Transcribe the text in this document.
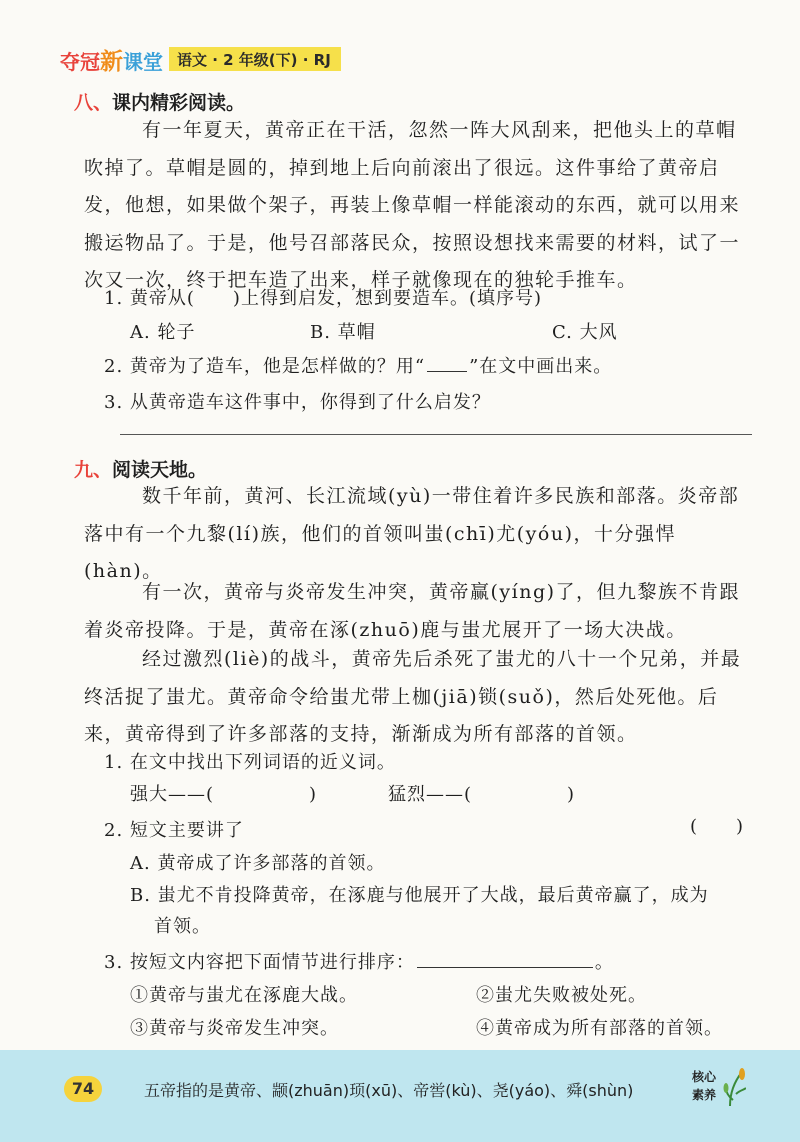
夺冠新课堂 语文 · 2 年级(下) · RJ
八、课内精彩阅读。
有一年夏天，黄帝正在干活，忽然一阵大风刮来，把他头上的草帽吹掉了。草帽是圆的，掉到地上后向前滚出了很远。这件事给了黄帝启发，他想，如果做个架子，再装上像草帽一样能滚动的东西，就可以用来搬运物品了。于是，他号召部落民众，按照设想找来需要的材料，试了一次又一次，终于把车造了出来，样子就像现在的独轮手推车。
1. 黄帝从(　　)上得到启发，想到要造车。(填序号)
A. 轮子	B. 草帽	C. 大风
2. 黄帝为了造车，他是怎样做的？用“ ”在文中画出来。
3. 从黄帝造车这件事中，你得到了什么启发？
九、阅读天地。
数千年前，黄河、长江流域(yù)一带住着许多民族和部落。炎帝部落中有一个九黎(lí)族，他们的首领叫蚩(chī)尤(yóu)，十分强悍(hàn)。
有一次，黄帝与炎帝发生冲突，黄帝赢(yíng)了，但九黎族不肯跟着炎帝投降。于是，黄帝在涿(zhuō)鹿与蚩尤展开了一场大决战。
经过激烈(liè)的战斗，黄帝先后杀死了蚩尤的八十一个兄弟，并最终活捉了蚩尤。黄帝命令给蚩尤带上枷(jiā)锁(suǒ)，然后处死他。后来，黄帝得到了许多部落的支持，渐渐成为所有部落的首领。
1. 在文中找出下列词语的近义词。
强大——(　　　　　)	猛烈——(　　　　　)
2. 短文主要讲了	(　　)
A. 黄帝成了许多部落的首领。
B. 蚩尤不肯投降黄帝，在涿鹿与他展开了大战，最后黄帝赢了，成为
首领。
3. 按短文内容把下面情节进行排序：	。
①黄帝与蚩尤在涿鹿大战。	②蚩尤失败被处死。
③黄帝与炎帝发生冲突。	④黄帝成为所有部落的首领。
74	五帝指的是黄帝、颛(zhuān)顼(xū)、帝喾(kù)、尧(yáo)、舜(shùn)
核心
素养
